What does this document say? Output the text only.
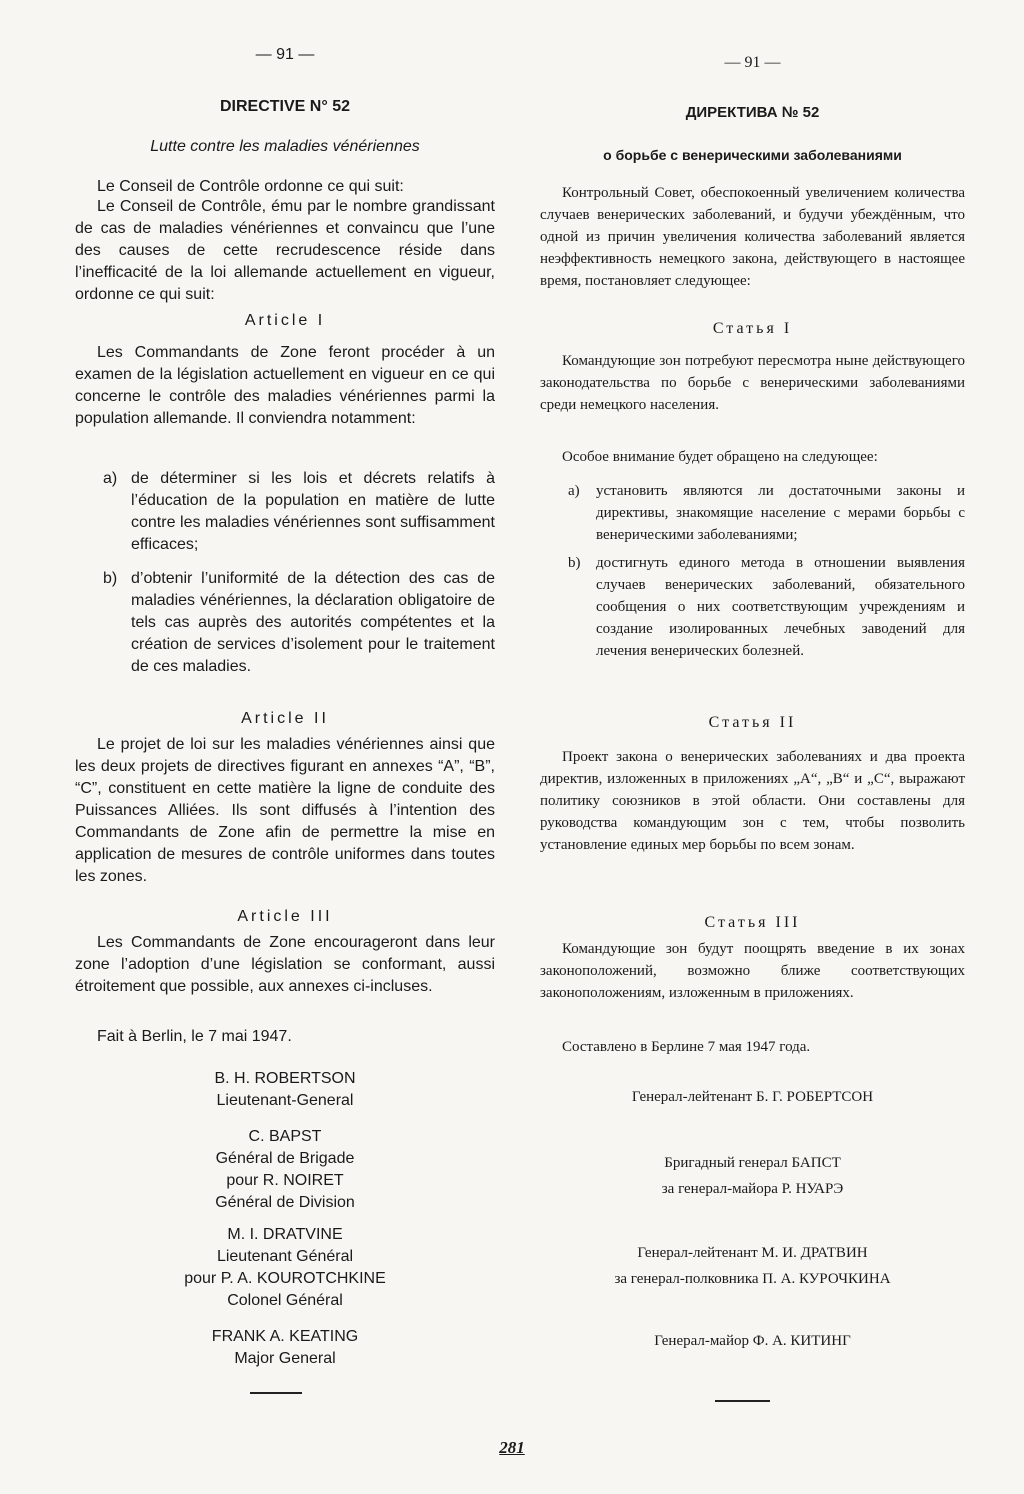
— 91 —
DIRECTIVE N° 52
Lutte contre les maladies vénériennes
Le Conseil de Contrôle ordonne ce qui suit:
Le Conseil de Contrôle, ému par le nombre grandissant de cas de maladies vénériennes et convaincu que l’une des causes de cette recrudescence réside dans l’inefficacité de la loi allemande actuellement en vigueur, ordonne ce qui suit:
Article I
Les Commandants de Zone feront procéder à un examen de la législation actuellement en vigueur en ce qui concerne le contrôle des maladies vénériennes parmi la population allemande. Il conviendra notamment:
a) de déterminer si les lois et décrets relatifs à l’éducation de la population en matière de lutte contre les maladies vénériennes sont suffisamment efficaces;
b) d’obtenir l’uniformité de la détection des cas de maladies vénériennes, la déclaration obligatoire de tels cas auprès des autorités compétentes et la création de services d’isolement pour le traitement de ces maladies.
Article II
Le projet de loi sur les maladies vénériennes ainsi que les deux projets de directives figurant en annexes “A”, “B”, “C”, constituent en cette matière la ligne de conduite des Puissances Alliées. Ils sont diffusés à l’intention des Commandants de Zone afin de permettre la mise en application de mesures de contrôle uniformes dans toutes les zones.
Article III
Les Commandants de Zone encourageront dans leur zone l’adoption d’une législation se conformant, aussi étroitement que possible, aux annexes ci-incluses.
Fait à Berlin, le 7 mai 1947.
B. H. ROBERTSON
Lieutenant-General
C. BAPST
Général de Brigade
pour R. NOIRET
Général de Division
M. I. DRATVINE
Lieutenant Général
pour P. A. KOUROTCHKINE
Colonel Général
FRANK A. KEATING
Major General
— 91 —
ДИРЕКТИВА № 52
о борьбе с венерическими заболеваниями
Контрольный Совет, обеспокоенный увеличением количества случаев венерических заболеваний, и будучи убеждённым, что одной из причин увеличения количества заболеваний является неэффективность немецкого закона, действующего в настоящее время, постановляет следующее:
Статья I
Командующие зон потребуют пересмотра ныне действующего законодательства по борьбе с венерическими заболеваниями среди немецкого населения.
Особое внимание будет обращено на следующее:
а) установить являются ли достаточными законы и директивы, знакомящие население с мерами борьбы с венерическими заболеваниями;
b) достигнуть единого метода в отношении выявления случаев венерических заболеваний, обязательного сообщения о них соответствующим учреждениям и создание изолированных лечебных заводений для лечения венерических болезней.
Статья II
Проект закона о венерических заболеваниях и два проекта директив, изложенных в приложениях „А“, „В“ и „С“, выражают политику союзников в этой области. Они составлены для руководства командующим зон с тем, чтобы позволить установление единых мер борьбы по всем зонам.
Статья III
Командующие зон будут поощрять введение в их зонах законоположений, возможно ближе соответствующих законоположениям, изложенным в приложениях.
Составлено в Берлине 7 мая 1947 года.
Генерал-лейтенант Б. Г. РОБЕРТСОН
Бригадный генерал БАПСТ
за генерал-майора Р. НУАРЭ
Генерал-лейтенант М. И. ДРАТВИН
за генерал-полковника П. А. КУРОЧКИНА
Генерал-майор Ф. А. КИТИНГ
281
